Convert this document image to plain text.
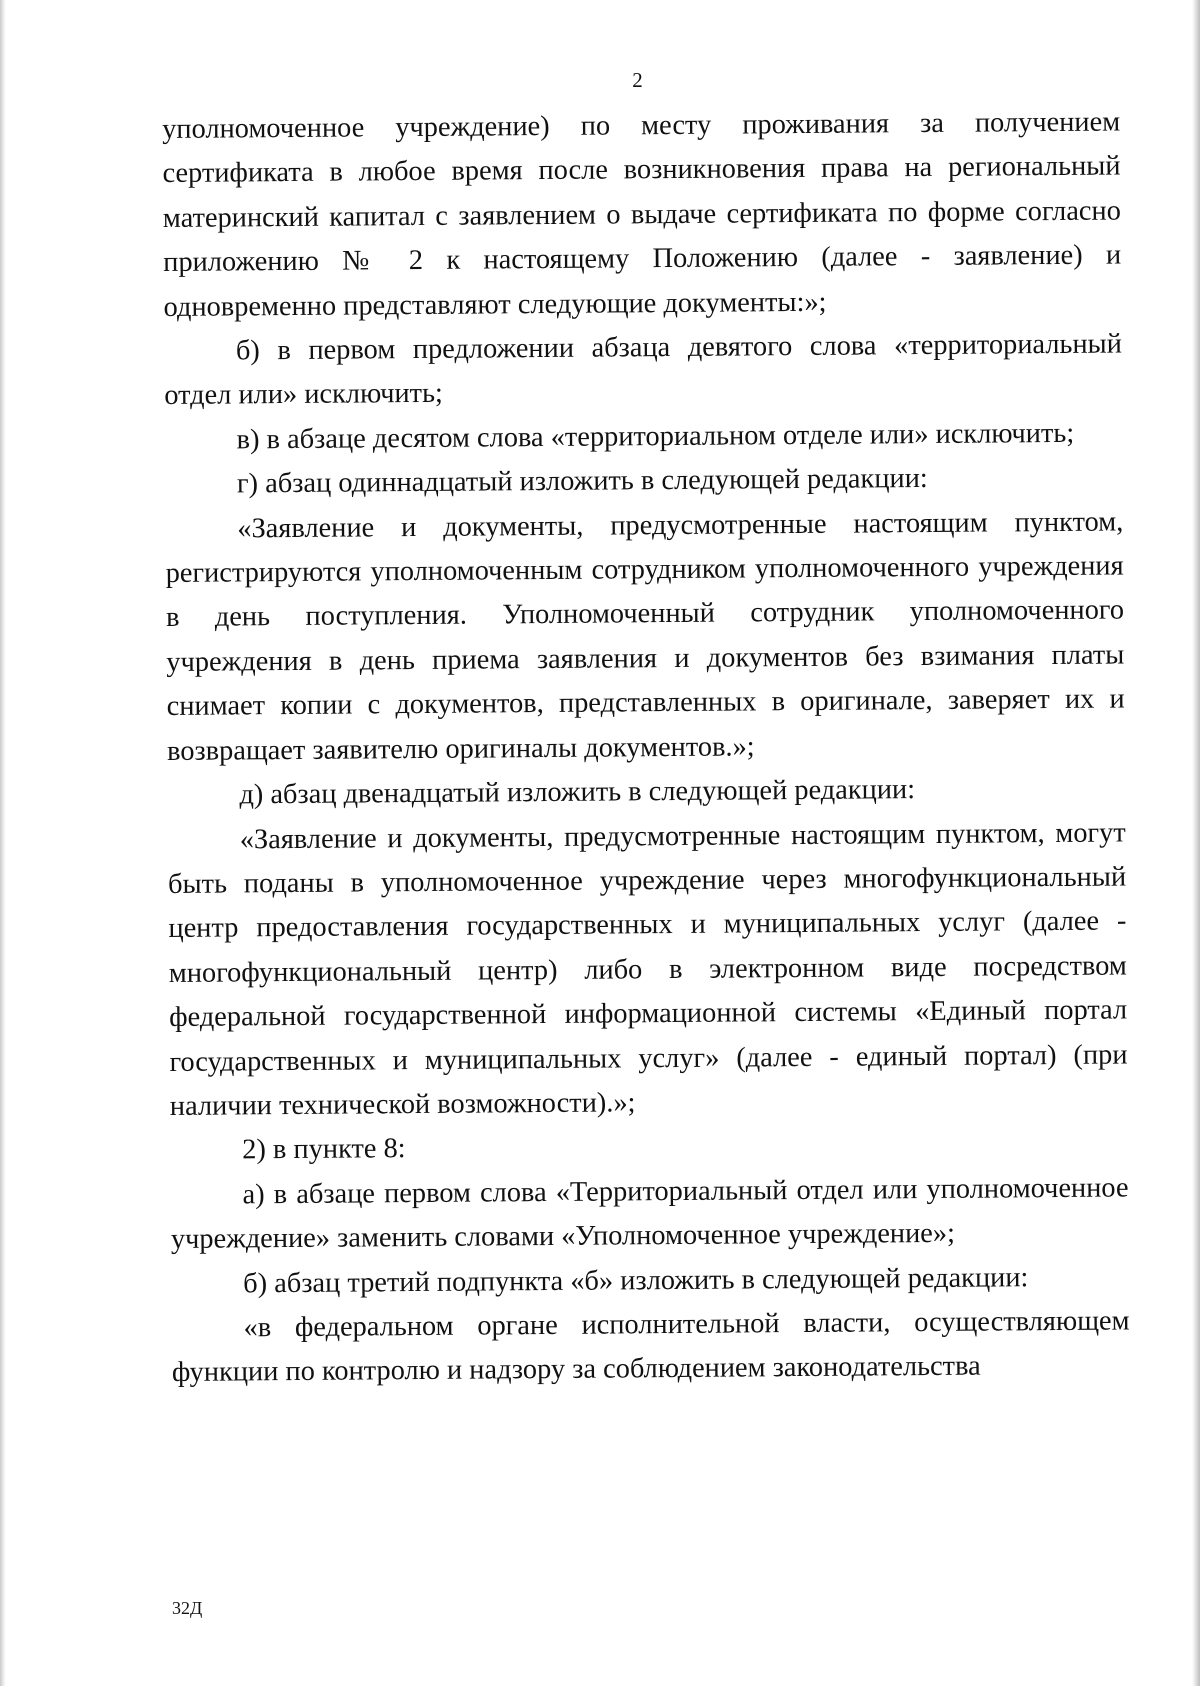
2

уполномоченное учреждение) по месту проживания за получением сертификата в любое время после возникновения права на региональный материнский капитал с заявлением о выдаче сертификата по форме согласно приложению № 2 к настоящему Положению (далее - заявление) и одновременно представляют следующие документы:»;

б) в первом предложении абзаца девятого слова «территориальный отдел или» исключить;

в) в абзаце десятом слова «территориальном отделе или» исключить;

г) абзац одиннадцатый изложить в следующей редакции:

«Заявление и документы, предусмотренные настоящим пунктом, регистрируются уполномоченным сотрудником уполномоченного учреждения в день поступления. Уполномоченный сотрудник уполномоченного учреждения в день приема заявления и документов без взимания платы снимает копии с документов, представленных в оригинале, заверяет их и возвращает заявителю оригиналы документов.»;

д) абзац двенадцатый изложить в следующей редакции:

«Заявление и документы, предусмотренные настоящим пунктом, могут быть поданы в уполномоченное учреждение через многофункциональный центр предоставления государственных и муниципальных услуг (далее - многофункциональный центр) либо в электронном виде посредством федеральной государственной информационной системы «Единый портал государственных и муниципальных услуг» (далее - единый портал) (при наличии технической возможности).»;

2) в пункте 8:

а) в абзаце первом слова «Территориальный отдел или уполномоченное учреждение» заменить словами «Уполномоченное учреждение»;

б) абзац третий подпункта «б» изложить в следующей редакции:

«в федеральном органе исполнительной власти, осуществляющем функции по контролю и надзору за соблюдением законодательства

32Д
